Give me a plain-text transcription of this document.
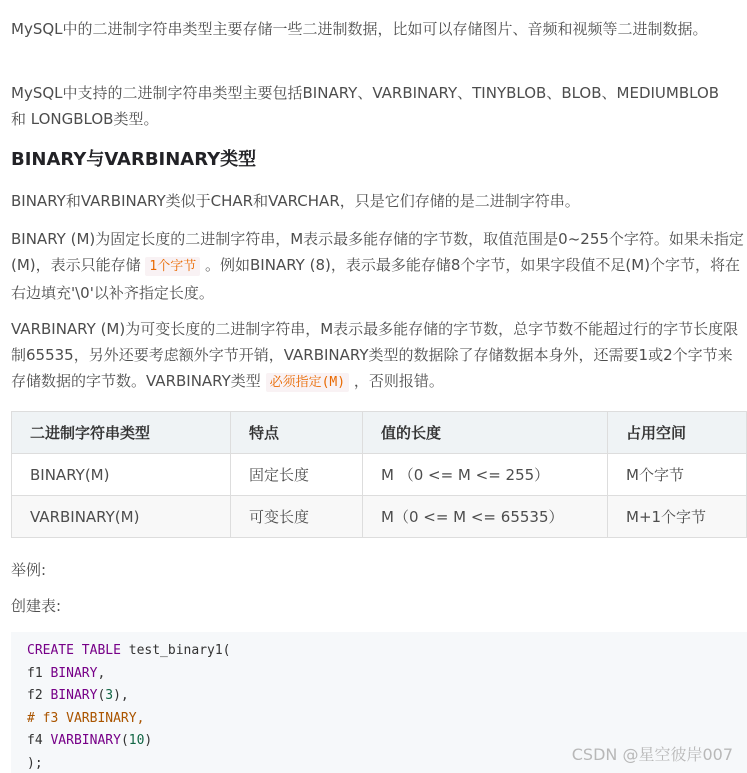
MySQL中的二进制字符串类型主要存储一些二进制数据，比如可以存储图片、音频和视频等二进制数据。

MySQL中支持的二进制字符串类型主要包括BINARY、VARBINARY、TINYBLOB、BLOB、MEDIUMBLOB 和 LONGBLOB类型。

BINARY与VARBINARY类型

BINARY和VARBINARY类似于CHAR和VARCHAR，只是它们存储的是二进制字符串。

BINARY (M)为固定长度的二进制字符串，M表示最多能存储的字节数，取值范围是0~255个字符。如果未指定(M)，表示只能存储 1个字节 。例如BINARY (8)，表示最多能存储8个字节，如果字段值不足(M)个字节，将在右边填充'\0'以补齐指定长度。

VARBINARY (M)为可变长度的二进制字符串，M表示最多能存储的字节数，总字节数不能超过行的字节长度限制65535，另外还要考虑额外字节开销，VARBINARY类型的数据除了存储数据本身外，还需要1或2个字节来存储数据的字节数。VARBINARY类型 必须指定(M) ，否则报错。

二进制字符串类型	特点	值的长度	占用空间
BINARY(M)	固定长度	M （0 <= M <= 255）	M个字节
VARBINARY(M)	可变长度	M（0 <= M <= 65535）	M+1个字节

举例:

创建表:

CREATE TABLE test_binary1(
f1 BINARY,
f2 BINARY(3),
# f3 VARBINARY,
f4 VARBINARY(10)
);	CSDN @星空彼岸007
